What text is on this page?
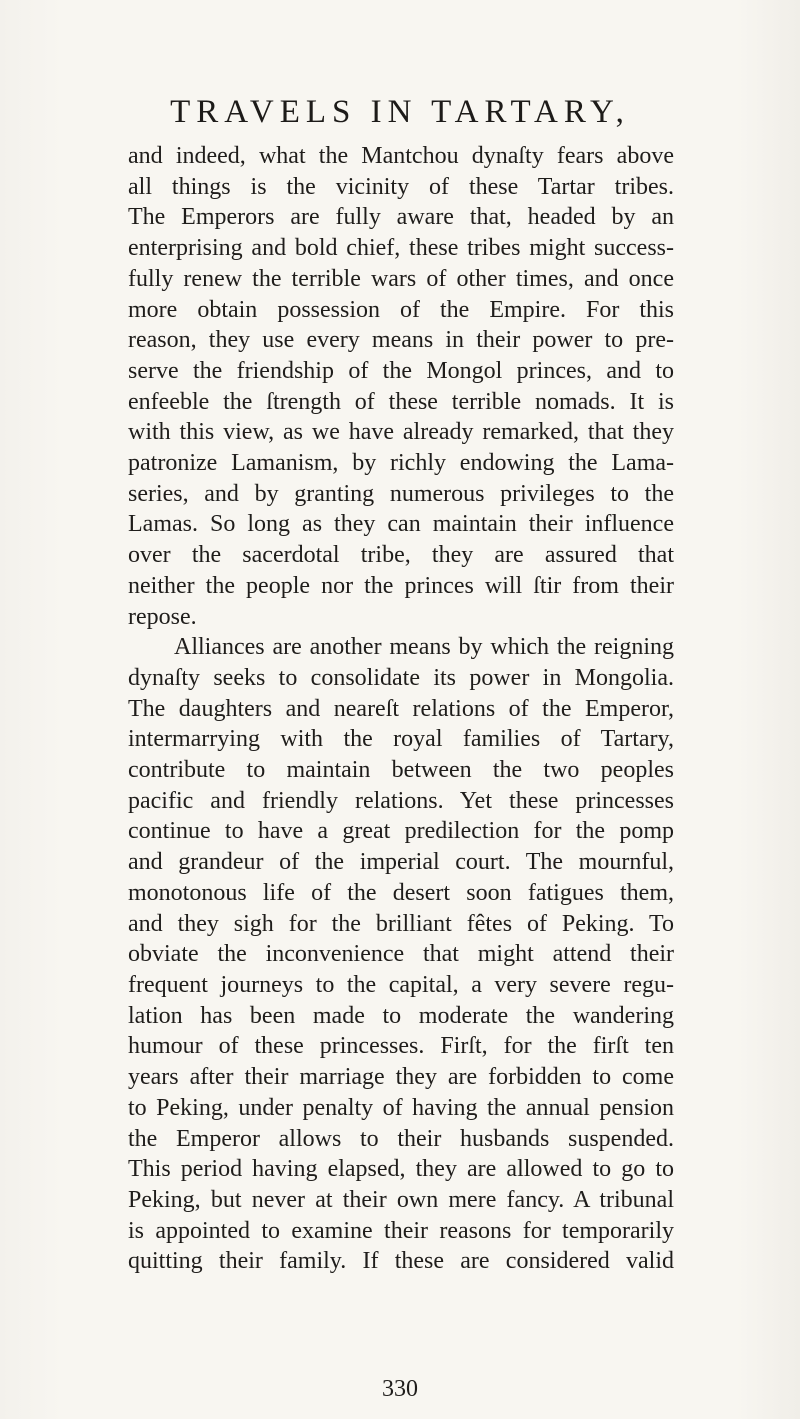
TRAVELS IN TARTARY,
and indeed, what the Mantchou dynaſty fears above
all things is the vicinity of these Tartar tribes.
The Emperors are fully aware that, headed by an
enterprising and bold chief, these tribes might success-
fully renew the terrible wars of other times, and once
more obtain possession of the Empire. For this
reason, they use every means in their power to pre-
serve the friendship of the Mongol princes, and to
enfeeble the ſtrength of these terrible nomads. It is
with this view, as we have already remarked, that they
patronize Lamanism, by richly endowing the Lama-
series, and by granting numerous privileges to the
Lamas. So long as they can maintain their influence
over the sacerdotal tribe, they are assured that
neither the people nor the princes will ſtir from their
repose.
Alliances are another means by which the reigning
dynaſty seeks to consolidate its power in Mongolia.
The daughters and neareſt relations of the Emperor,
intermarrying with the royal families of Tartary,
contribute to maintain between the two peoples
pacific and friendly relations. Yet these princesses
continue to have a great predilection for the pomp
and grandeur of the imperial court. The mournful,
monotonous life of the desert soon fatigues them,
and they sigh for the brilliant fêtes of Peking. To
obviate the inconvenience that might attend their
frequent journeys to the capital, a very severe regu-
lation has been made to moderate the wandering
humour of these princesses. Firſt, for the firſt ten
years after their marriage they are forbidden to come
to Peking, under penalty of having the annual pension
the Emperor allows to their husbands suspended.
This period having elapsed, they are allowed to go to
Peking, but never at their own mere fancy. A tribunal
is appointed to examine their reasons for temporarily
quitting their family. If these are considered valid
330
